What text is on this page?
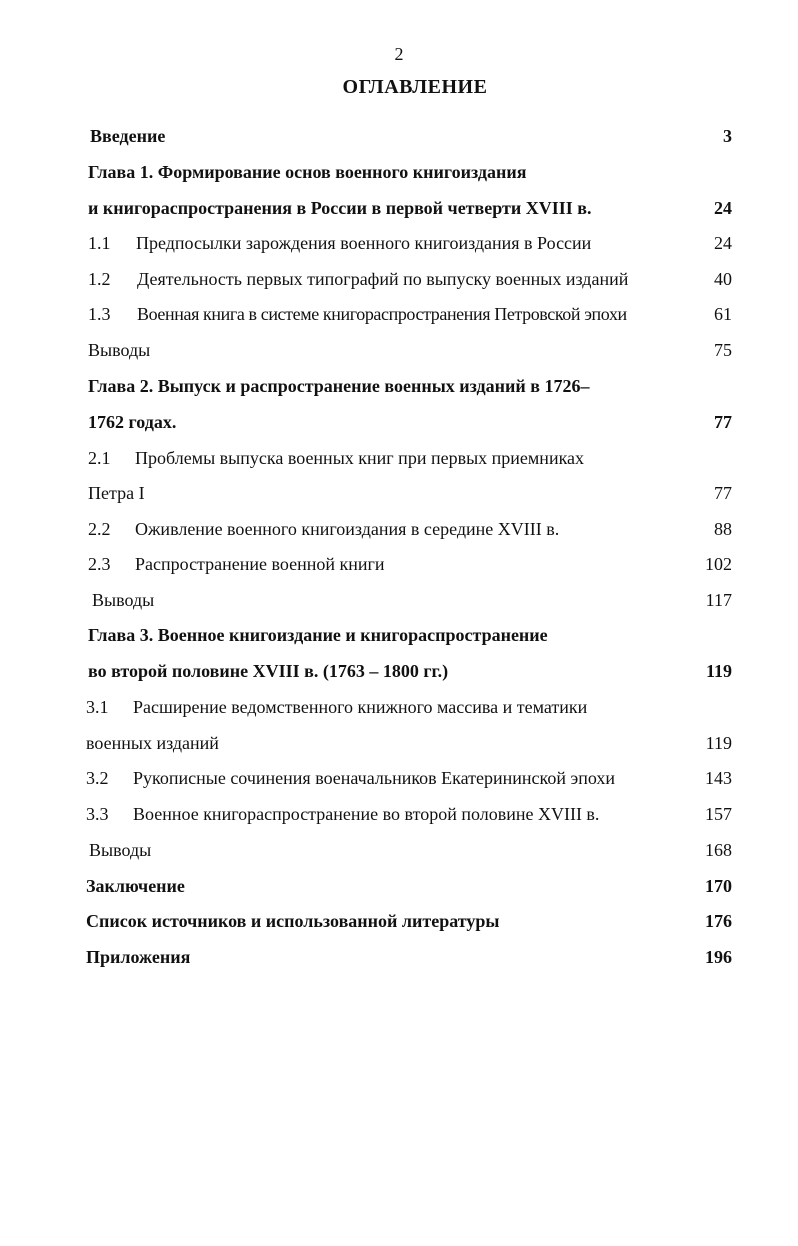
2
ОГЛАВЛЕНИЕ
Введение	3
Глава 1. Формирование основ военного книгоиздания
и книгораспространения в России в первой четверти XVIII в.	24
1.1 Предпосылки зарождения военного книгоиздания в России	24
1.2 Деятельность первых типографий по выпуску военных изданий	40
1.3 Военная книга в системе книгораспространения Петровской эпохи	61
Выводы	75
Глава 2. Выпуск и распространение военных изданий в 1726–
1762 годах.	77
2.1 Проблемы выпуска военных книг при первых приемниках
Петра I	77
2.2 Оживление военного книгоиздания в середине XVIII в.	88
2.3 Распространение военной книги	102
Выводы	117
Глава 3. Военное книгоиздание и книгораспространение
во второй половине XVIII в. (1763 – 1800 гг.)	119
3.1 Расширение ведомственного книжного массива и тематики
военных изданий	119
3.2 Рукописные сочинения военачальников Екатерининской эпохи	143
3.3 Военное книгораспространение во второй половине XVIII в.	157
Выводы	168
Заключение	170
Список источников и использованной литературы	176
Приложения	196
